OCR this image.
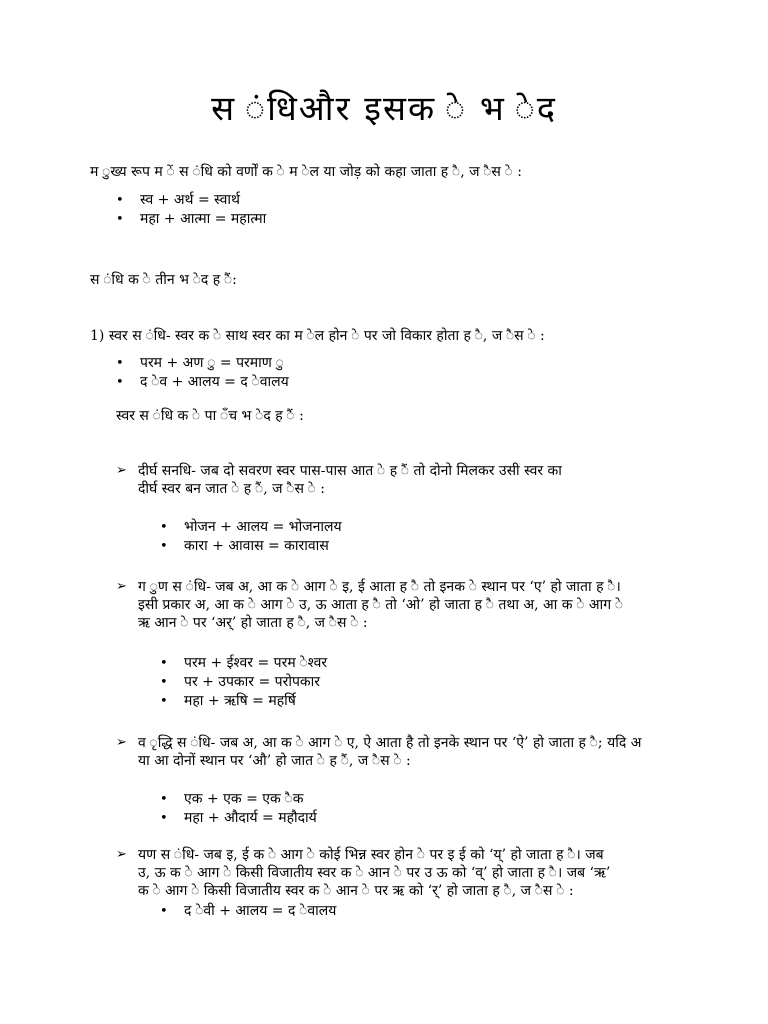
स ंधिऔर इसक े भ ेद
म ुख्य रूप म ें स ंधि को वर्णों क े म ेल या जोड़ को कहा जाता ह ै, ज ैस े :
• स्व + अर्थ = स्वार्थ
• महा + आत्मा = महात्मा
स ंधि क े तीन भ ेद ह ैं:
1) स्वर स ंधि- स्वर क े साथ स्वर का म ेल होन े पर जो विकार होता ह ै, ज ैस े :
• परम + अण ु = परमाण ु
• द ेव + आलय = द ेवालय
स्वर स ंधि क े पा ँच भ ेद ह ैं :
➢ दीर्घ सनधि- जब दो सवरण स्वर पास-पास आत े ह ैं तो दोनो मिलकर उसी स्वर का
दीर्घ स्वर बन जात े ह ैं, ज ैस े :
• भोजन + आलय = भोजनालय
• कारा + आवास = कारावास
➢ ग ुण स ंधि- जब अ, आ क े आग े इ, ई आता ह ै तो इनक े स्थान पर ‘ए’ हो जाता ह ै।
इसी प्रकार अ, आ क े आग े उ, ऊ आता ह ै तो ‘ओ’ हो जाता ह ै तथा अ, आ क े आग े
ऋ आन े पर ‘अर्’ हो जाता ह ै, ज ैस े :
• परम + ईश्वर = परम ेश्वर
• पर + उपकार = परोपकार
• महा + ऋषि = महर्षि
➢ व ृद्धि स ंधि- जब अ, आ क े आग े ए, ऐ आता है तो इनके स्थान पर ‘ऐ’ हो जाता ह ै; यदि अ
या आ दोनों स्थान पर ‘औ’ हो जात े ह ैं, ज ैस े :
• एक + एक = एक ैक
• महा + औदार्य = महौदार्य
➢ यण स ंधि- जब इ, ई क े आग े कोई भिन्न स्वर होन े पर इ ई को ‘य्’ हो जाता ह ै। जब
उ, ऊ क े आग े किसी विजातीय स्वर क े आन े पर उ ऊ को ‘व्’ हो जाता ह ै। जब ‘ऋ’
क े आग े किसी विजातीय स्वर क े आन े पर ऋ को ‘र्’ हो जाता ह ै, ज ैस े :
• द ेवी + आलय = द ेवालय
